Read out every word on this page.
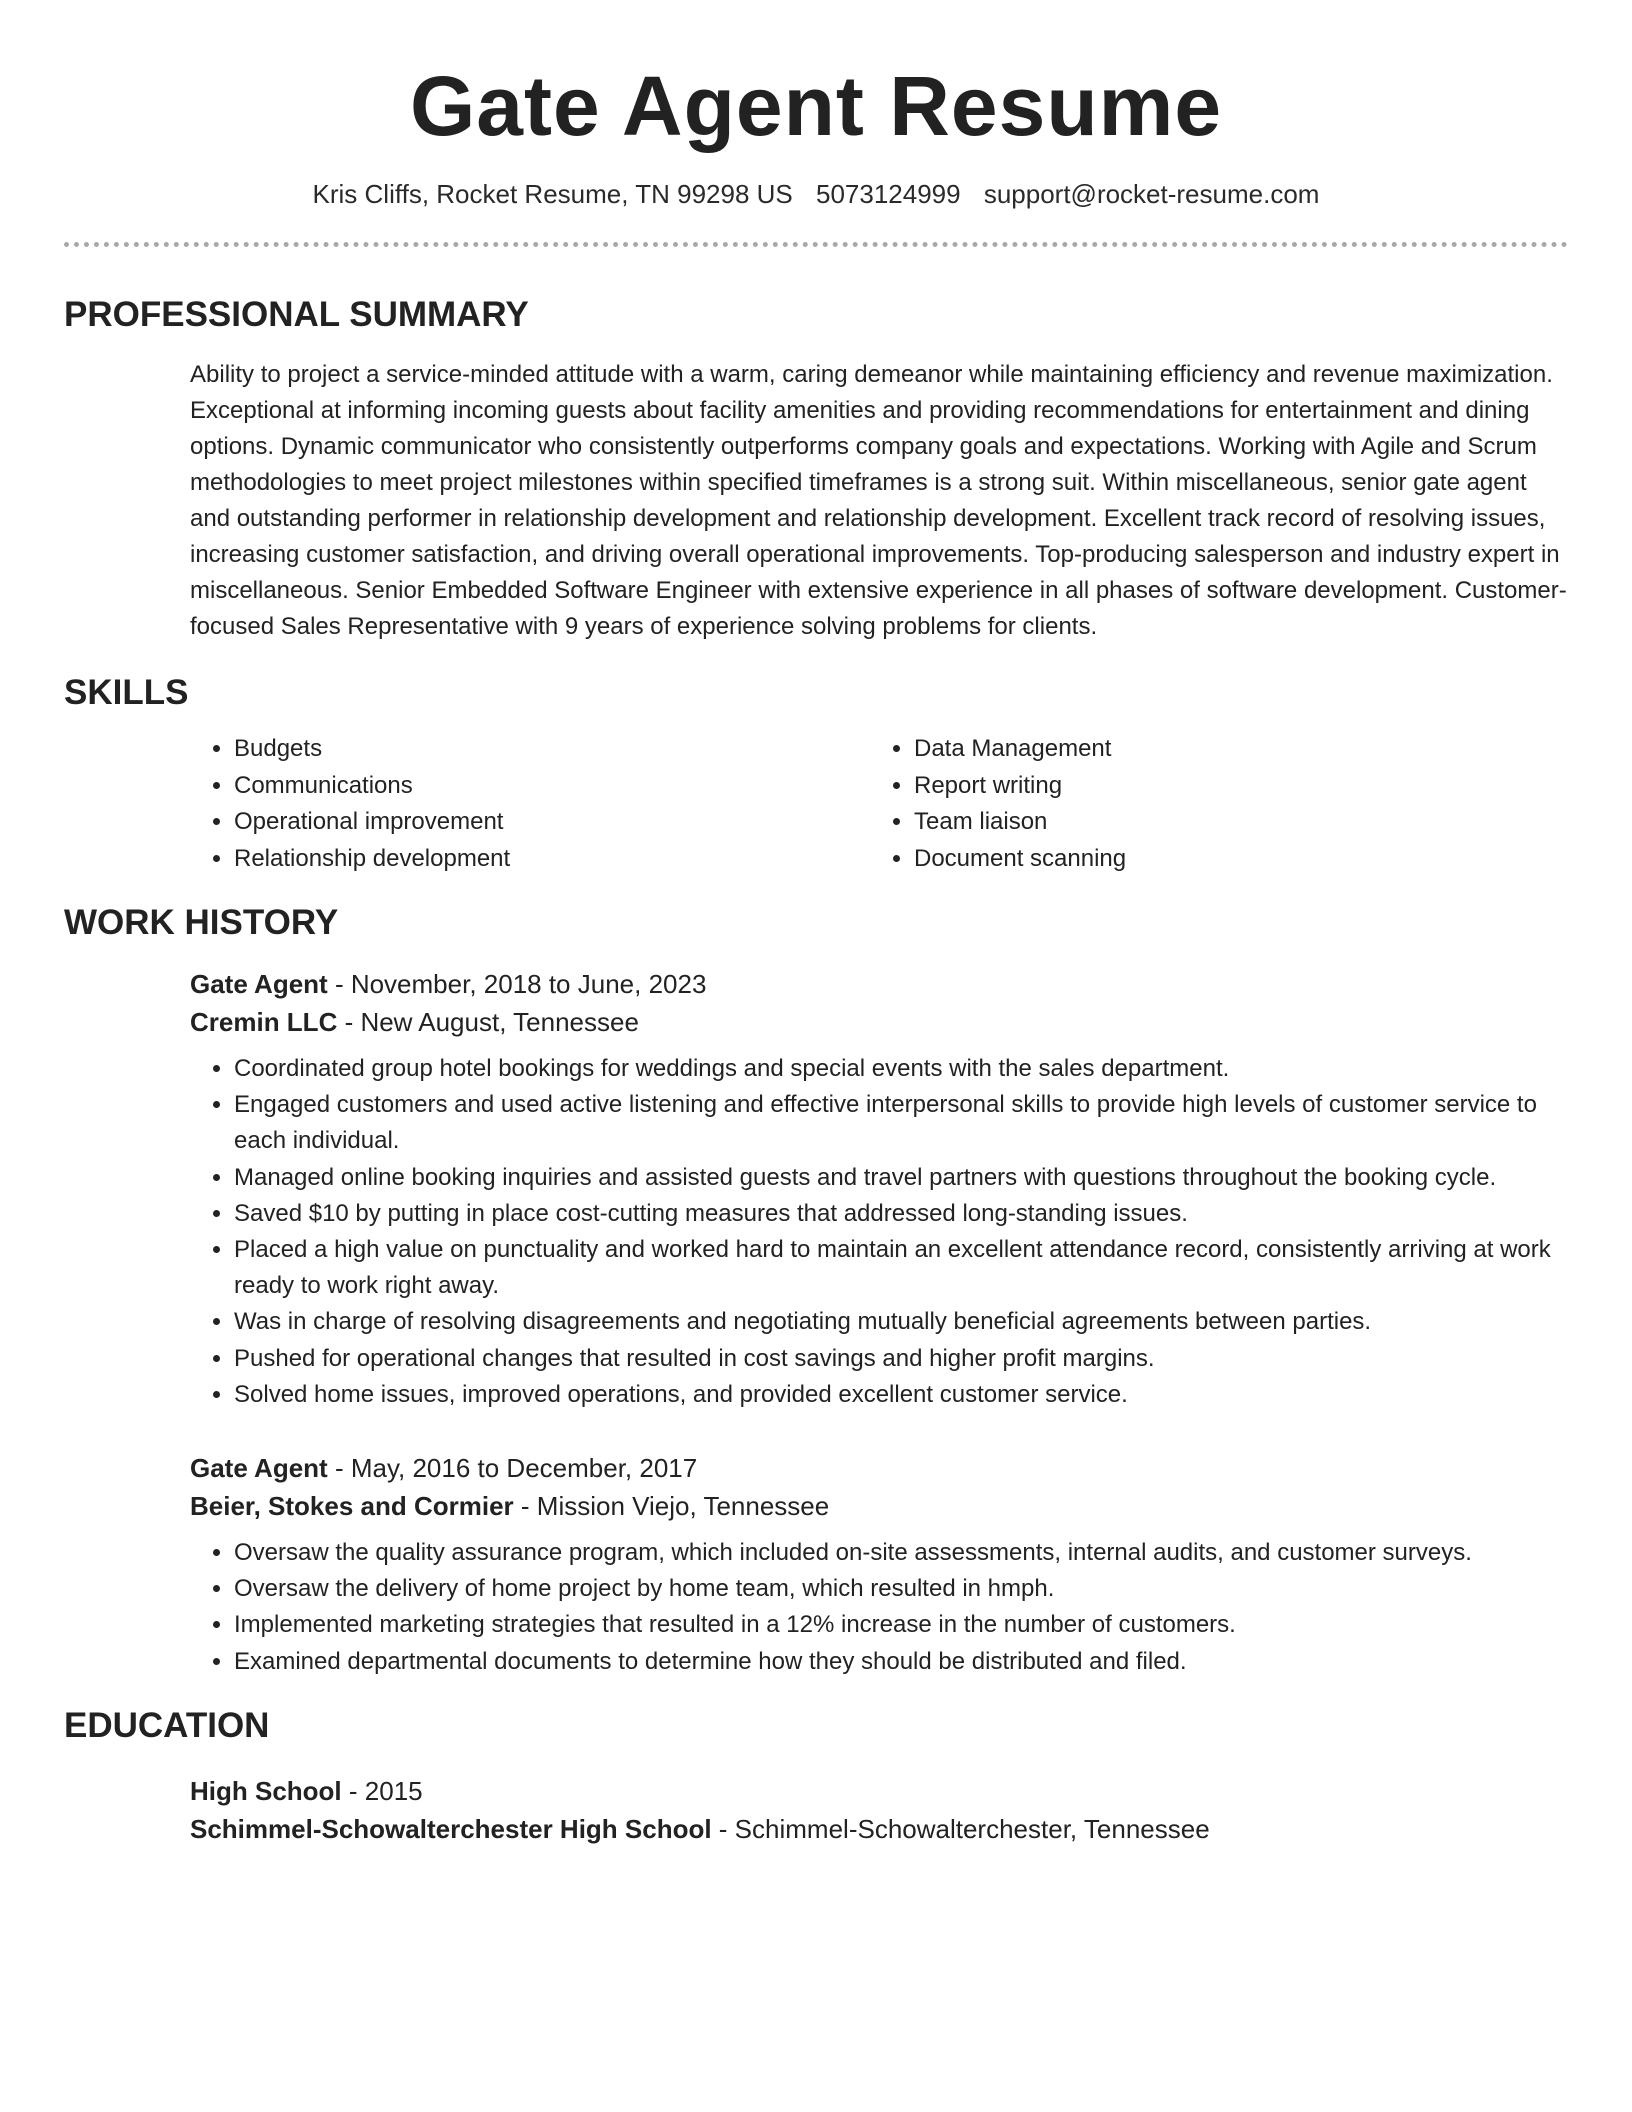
Gate Agent Resume
Kris Cliffs, Rocket Resume, TN 99298 US 5073124999 support@rocket-resume.com
PROFESSIONAL SUMMARY
Ability to project a service-minded attitude with a warm, caring demeanor while maintaining efficiency and revenue maximization. Exceptional at informing incoming guests about facility amenities and providing recommendations for entertainment and dining options. Dynamic communicator who consistently outperforms company goals and expectations. Working with Agile and Scrum methodologies to meet project milestones within specified timeframes is a strong suit. Within miscellaneous, senior gate agent and outstanding performer in relationship development and relationship development. Excellent track record of resolving issues, increasing customer satisfaction, and driving overall operational improvements. Top-producing salesperson and industry expert in miscellaneous. Senior Embedded Software Engineer with extensive experience in all phases of software development. Customer-focused Sales Representative with 9 years of experience solving problems for clients.
SKILLS
• Budgets
• Communications
• Operational improvement
• Relationship development
• Data Management
• Report writing
• Team liaison
• Document scanning
WORK HISTORY
Gate Agent - November, 2018 to June, 2023
Cremin LLC - New August, Tennessee
• Coordinated group hotel bookings for weddings and special events with the sales department.
• Engaged customers and used active listening and effective interpersonal skills to provide high levels of customer service to each individual.
• Managed online booking inquiries and assisted guests and travel partners with questions throughout the booking cycle.
• Saved $10 by putting in place cost-cutting measures that addressed long-standing issues.
• Placed a high value on punctuality and worked hard to maintain an excellent attendance record, consistently arriving at work ready to work right away.
• Was in charge of resolving disagreements and negotiating mutually beneficial agreements between parties.
• Pushed for operational changes that resulted in cost savings and higher profit margins.
• Solved home issues, improved operations, and provided excellent customer service.
Gate Agent - May, 2016 to December, 2017
Beier, Stokes and Cormier - Mission Viejo, Tennessee
• Oversaw the quality assurance program, which included on-site assessments, internal audits, and customer surveys.
• Oversaw the delivery of home project by home team, which resulted in hmph.
• Implemented marketing strategies that resulted in a 12% increase in the number of customers.
• Examined departmental documents to determine how they should be distributed and filed.
EDUCATION
High School - 2015
Schimmel-Schowalterchester High School - Schimmel-Schowalterchester, Tennessee
